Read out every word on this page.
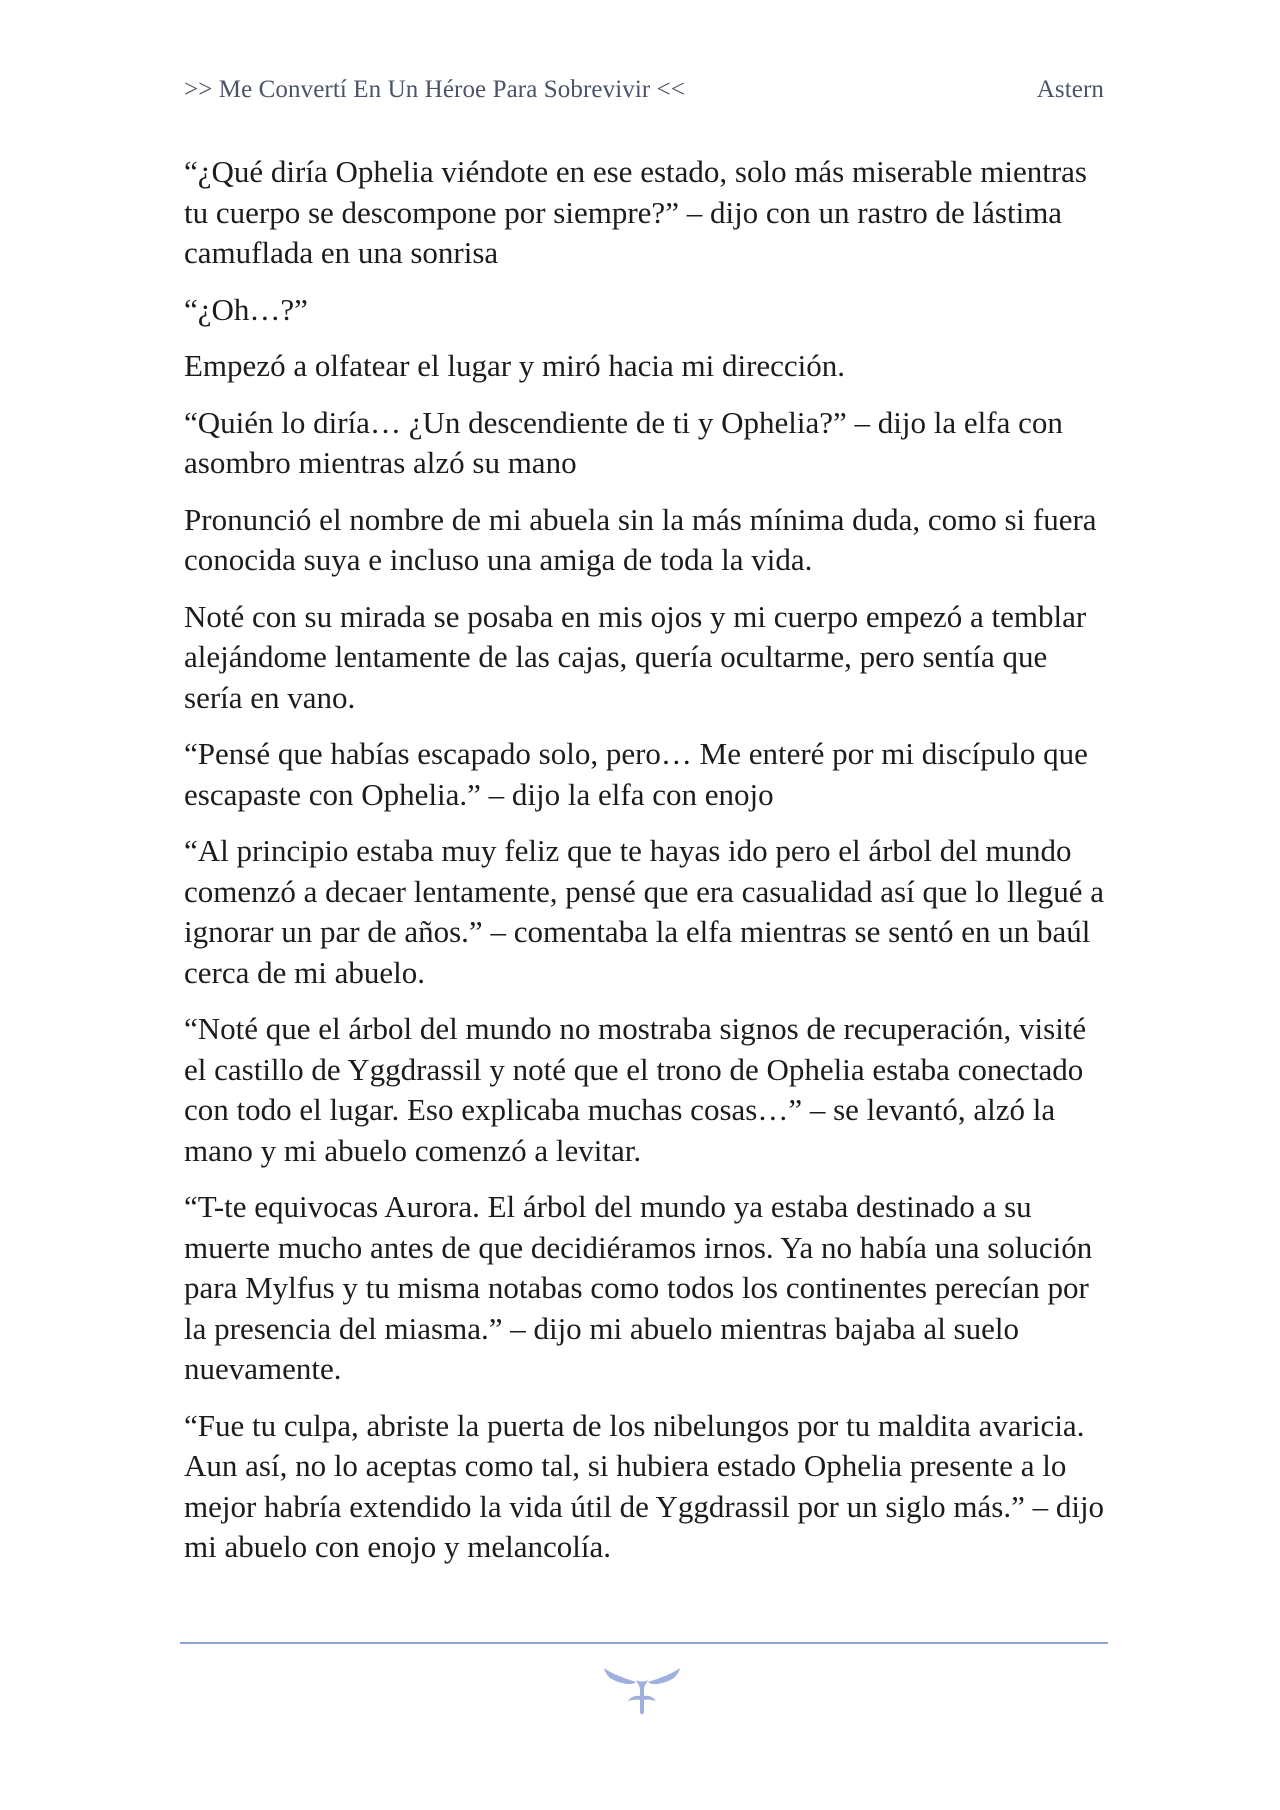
>> Me Convertí En Un Héroe Para Sobrevivir <<	Astern

“¿Qué diría Ophelia viéndote en ese estado, solo más miserable mientras tu cuerpo se descompone por siempre?” – dijo con un rastro de lástima camuflada en una sonrisa

“¿Oh…?”

Empezó a olfatear el lugar y miró hacia mi dirección.

“Quién lo diría… ¿Un descendiente de ti y Ophelia?” – dijo la elfa con asombro mientras alzó su mano

Pronunció el nombre de mi abuela sin la más mínima duda, como si fuera conocida suya e incluso una amiga de toda la vida.

Noté con su mirada se posaba en mis ojos y mi cuerpo empezó a temblar alejándome lentamente de las cajas, quería ocultarme, pero sentía que sería en vano.

“Pensé que habías escapado solo, pero… Me enteré por mi discípulo que escapaste con Ophelia.” – dijo la elfa con enojo

“Al principio estaba muy feliz que te hayas ido pero el árbol del mundo comenzó a decaer lentamente, pensé que era casualidad así que lo llegué a ignorar un par de años.” – comentaba la elfa mientras se sentó en un baúl cerca de mi abuelo.

“Noté que el árbol del mundo no mostraba signos de recuperación, visité el castillo de Yggdrassil y noté que el trono de Ophelia estaba conectado con todo el lugar. Eso explicaba muchas cosas…” – se levantó, alzó la mano y mi abuelo comenzó a levitar.

“T-te equivocas Aurora. El árbol del mundo ya estaba destinado a su muerte mucho antes de que decidiéramos irnos. Ya no había una solución para Mylfus y tu misma notabas como todos los continentes perecían por la presencia del miasma.” – dijo mi abuelo mientras bajaba al suelo nuevamente.

“Fue tu culpa, abriste la puerta de los nibelungos por tu maldita avaricia. Aun así, no lo aceptas como tal, si hubiera estado Ophelia presente a lo mejor habría extendido la vida útil de Yggdrassil por un siglo más.” – dijo mi abuelo con enojo y melancolía.
